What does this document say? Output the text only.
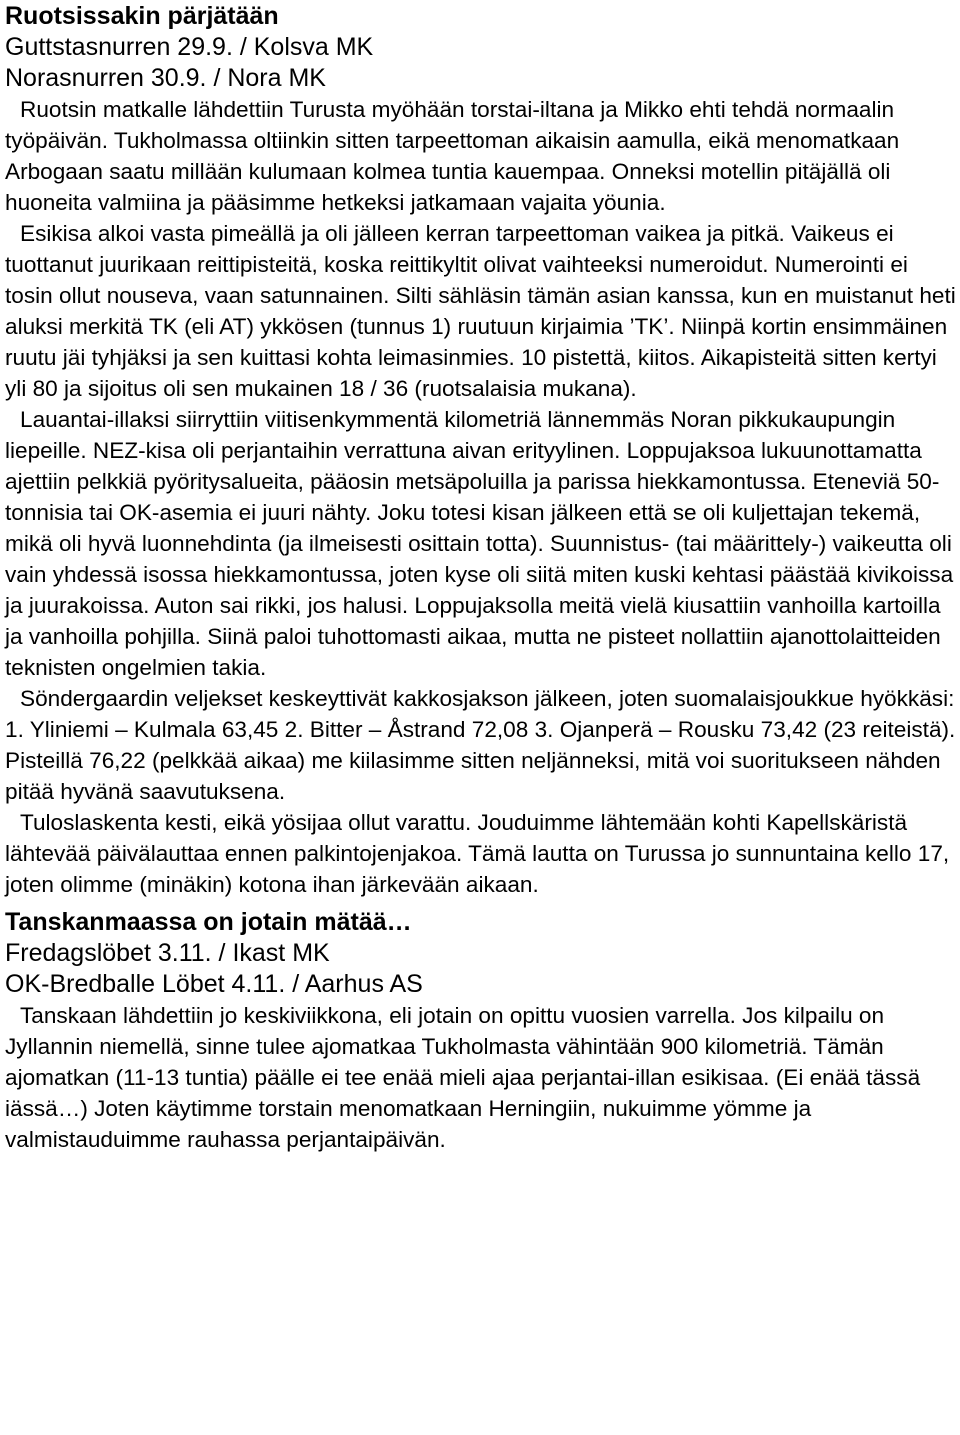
Ruotsissakin pärjätään
Guttstasnurren 29.9. / Kolsva MK
Norasnurren 30.9. / Nora MK

Ruotsin matkalle lähdettiin Turusta myöhään torstai-iltana ja Mikko ehti tehdä normaalin työpäivän. Tukholmassa oltiinkin sitten tarpeettoman aikaisin aamulla, eikä menomatkaan Arbogaan saatu millään kulumaan kolmea tuntia kauempaa. Onneksi motellin pitäjällä oli huoneita valmiina ja pääsimme hetkeksi jatkamaan vajaita yöunia.

Esikisa alkoi vasta pimeällä ja oli jälleen kerran tarpeettoman vaikea ja pitkä. Vaikeus ei tuottanut juurikaan reittipisteitä, koska reittikyltit olivat vaihteeksi numeroidut. Numerointi ei tosin ollut nouseva, vaan satunnainen. Silti sähläsin tämän asian kanssa, kun en muistanut heti aluksi merkitä TK (eli AT) ykkösen (tunnus 1) ruutuun kirjaimia ’TK’. Niinpä kortin ensimmäinen ruutu jäi tyhjäksi ja sen kuittasi kohta leimasinmies. 10 pistettä, kiitos. Aikapisteitä sitten kertyi yli 80 ja sijoitus oli sen mukainen 18 / 36 (ruotsalaisia mukana).

Lauantai-illaksi siirryttiin viitisenkymmentä kilometriä lännemmäs Noran pikkukaupungin liepeille. NEZ-kisa oli perjantaihin verrattuna aivan erityylinen. Loppujaksoa lukuunottamatta ajettiin pelkkiä pyöritysalueita, pääosin metsäpoluilla ja parissa hiekkamontussa. Eteneviä 50-tonnisia tai OK-asemia ei juuri nähty. Joku totesi kisan jälkeen että se oli kuljettajan tekemä, mikä oli hyvä luonnehdinta (ja ilmeisesti osittain totta). Suunnistus- (tai määrittely-) vaikeutta oli vain yhdessä isossa hiekkamontussa, joten kyse oli siitä miten kuski kehtasi päästää kivikoissa ja juurakoissa. Auton sai rikki, jos halusi. Loppujaksolla meitä vielä kiusattiin vanhoilla kartoilla ja vanhoilla pohjilla. Siinä paloi tuhottomasti aikaa, mutta ne pisteet nollattiin ajanottolaitteiden teknisten ongelmien takia.

Söndergaardin veljekset keskeyttivät kakkosjakson jälkeen, joten suomalaisjoukkue hyökkäsi: 1. Yliniemi – Kulmala 63,45 2. Bitter – Åstrand 72,08 3. Ojanperä – Rousku 73,42 (23 reiteistä). Pisteillä 76,22 (pelkkää aikaa) me kiilasimme sitten neljänneksi, mitä voi suoritukseen nähden pitää hyvänä saavutuksena.

Tuloslaskenta kesti, eikä yösijaa ollut varattu. Jouduimme lähtemään kohti Kapellskäristä lähtevää päivälauttaa ennen palkintojenjakoa. Tämä lautta on Turussa jo sunnuntaina kello 17, joten olimme (minäkin) kotona ihan järkevään aikaan.

Tanskanmaassa on jotain mätää…
Fredagslöbet 3.11. / Ikast MK
OK-Bredballe Löbet 4.11. / Aarhus AS

Tanskaan lähdettiin jo keskiviikkona, eli jotain on opittu vuosien varrella. Jos kilpailu on Jyllannin niemellä, sinne tulee ajomatkaa Tukholmasta vähintään 900 kilometriä. Tämän ajomatkan (11-13 tuntia) päälle ei tee enää mieli ajaa perjantai-illan esikisaa. (Ei enää tässä iässä…) Joten käytimme torstain menomatkaan Herningiin, nukuimme yömme ja valmistauduimme rauhassa perjantaipäivän.
